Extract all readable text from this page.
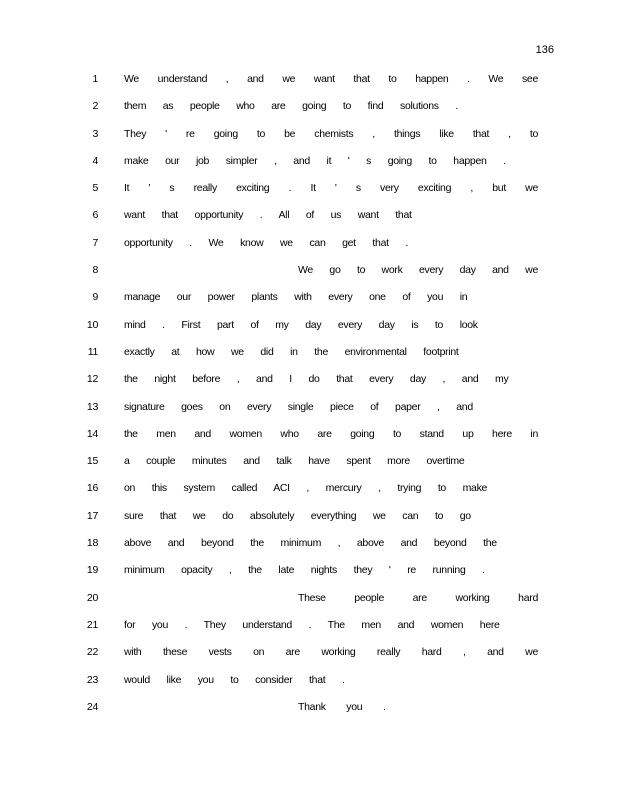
136
1 We understand , and we want that to happen . We see
2 them as people who are going to find solutions .
3 They ' re going to be chemists , things like that , to
4 make our job simpler , and it ' s going to happen .
5 It ' s really exciting . It ' s very exciting , but we
6 want that opportunity . All of us want that
7 opportunity . We know we can get that .
8	We go to work every day and we
9 manage our power plants with every one of you in
10 mind . First part of my day every day is to look
11 exactly at how we did in the environmental footprint
12 the night before , and I do that every day , and my
13 signature goes on every single piece of paper , and
14 the men and women who are going to stand up here in
15 a couple minutes and talk have spent more overtime
16 on this system called ACI , mercury , trying to make
17 sure that we do absolutely everything we can to go
18 above and beyond the minimum , above and beyond the
19 minimum opacity , the late nights they ' re running .
20	These people are working hard
21 for you . They understand . The men and women here
22 with these vests on are working really hard , and we
23 would like you to consider that .
24	Thank you .
